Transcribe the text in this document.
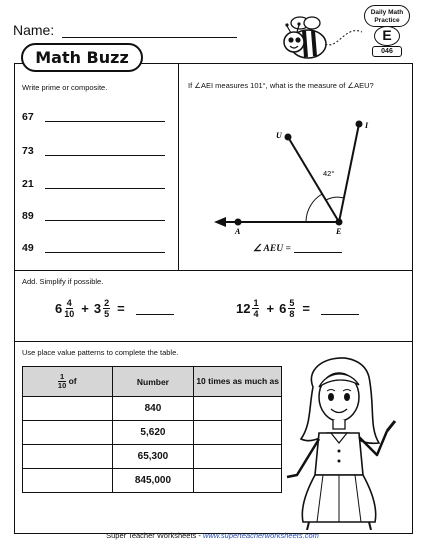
Name:
Daily Math Practice
E
046
Math Buzz
Write prime or composite.
67
73
21
89
49
If ∠AEI measures 101°, what is the measure of ∠AEU?
A	E
U
I
42°
∠ AEU =
Add. Simplify if possible.
$6 \frac{4}{10} + 3 \frac{2}{5}$ =	$12 \frac{1}{4} + 6 \frac{5}{8}$ =
Use place value patterns to complete the table.
$\frac{1}{10}$ of	Number	10 times as much as
	840	
	5,620	
	65,300	
	845,000	
Super Teacher Worksheets - www.superteacherworksheets.com
